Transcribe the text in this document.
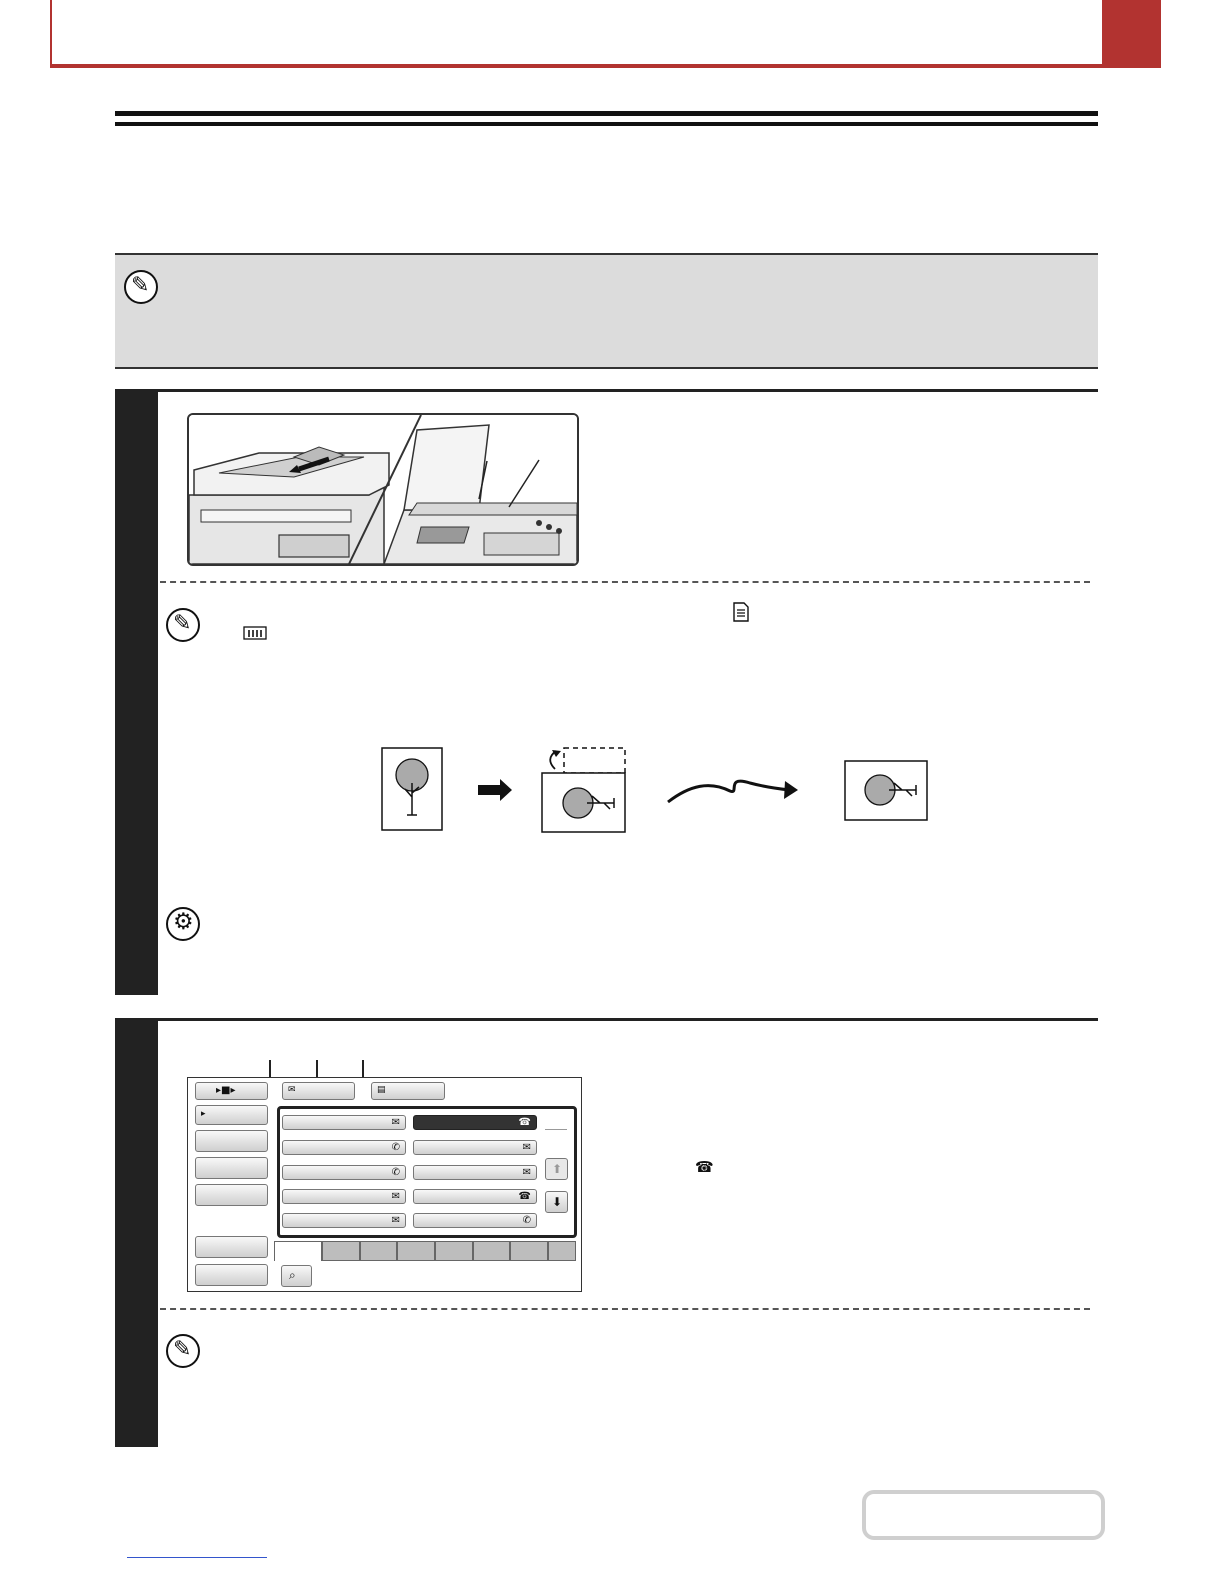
✎
✎
⚙
▸■▸	✉	▤
▸
✉
✆
✆
✉
✉
☎
✉
✉
☎
✆
⬆
⬇
⌕
☎
✎
